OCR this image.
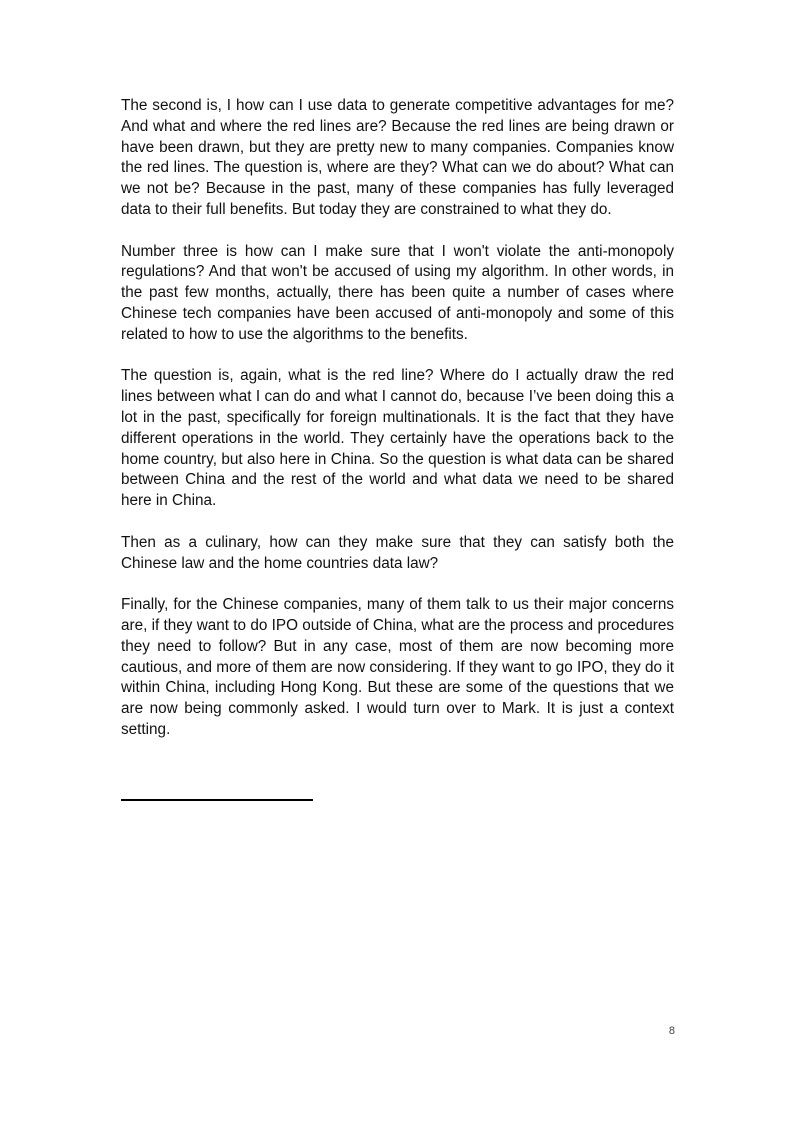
The second is, I how can I use data to generate competitive advantages for me? And what and where the red lines are? Because the red lines are being drawn or have been drawn, but they are pretty new to many companies. Companies know the red lines. The question is, where are they? What can we do about? What can we not be? Because in the past, many of these companies has fully leveraged data to their full benefits. But today they are constrained to what they do.

Number three is how can I make sure that I won't violate the anti-monopoly regulations? And that won't be accused of using my algorithm. In other words, in the past few months, actually, there has been quite a number of cases where Chinese tech companies have been accused of anti-monopoly and some of this related to how to use the algorithms to the benefits.

The question is, again, what is the red line? Where do I actually draw the red lines between what I can do and what I cannot do, because I’ve been doing this a lot in the past, specifically for foreign multinationals. It is the fact that they have different operations in the world. They certainly have the operations back to the home country, but also here in China. So the question is what data can be shared between China and the rest of the world and what data we need to be shared here in China.

Then as a culinary, how can they make sure that they can satisfy both the Chinese law and the home countries data law?

Finally, for the Chinese companies, many of them talk to us their major concerns are, if they want to do IPO outside of China, what are the process and procedures they need to follow? But in any case, most of them are now becoming more cautious, and more of them are now considering. If they want to go IPO, they do it within China, including Hong Kong. But these are some of the questions that we are now being commonly asked. I would turn over to Mark. It is just a context setting.

8
